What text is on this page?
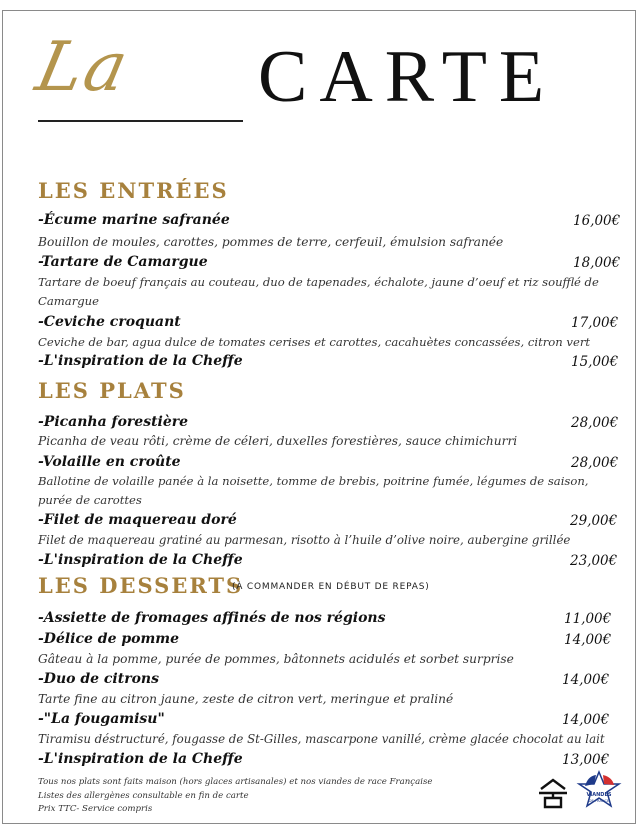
La CARTE
LES ENTRÉES
-Écume marine safranée	16,00€
Bouillon de moules, carottes, pommes de terre, cerfeuil, émulsion safranée
-Tartare de Camargue	18,00€
Tartare de boeuf français au couteau, duo de tapenades, échalote, jaune d’oeuf et riz soufflé de
Camargue
-Ceviche croquant	17,00€
Ceviche de bar, agua dulce de tomates cerises et carottes, cacahuètes concassées, citron vert
-L'inspiration de la Cheffe	15,00€
LES PLATS
-Picanha forestière	28,00€
Picanha de veau rôti, crème de céleri, duxelles forestières, sauce chimichurri
-Volaille en croûte	28,00€
Ballotine de volaille panée à la noisette, tomme de brebis, poitrine fumée, légumes de saison,
purée de carottes
-Filet de maquereau doré	29,00€
Filet de maquereau gratiné au parmesan, risotto à l’huile d’olive noire, aubergine grillée
-L'inspiration de la Cheffe	23,00€
LES DESSERTS
(À COMMANDER EN DÉBUT DE REPAS)
-Assiette de fromages affinés de nos régions	11,00€
-Délice de pomme	14,00€
Gâteau à la pomme, purée de pommes, bâtonnets acidulés et sorbet surprise
-Duo de citrons	14,00€
Tarte fine au citron jaune, zeste de citron vert, meringue et praliné
-"La fougamisu"	14,00€
Tiramisu déstructuré, fougasse de St-Gilles, mascarpone vanillé, crème glacée chocolat au lait
-L'inspiration de la Cheffe	13,00€
Tous nos plats sont faits maison (hors glaces artisanales) et nos viandes de race Française
Listes des allergènes consultable en fin de carte
Prix TTC- Service compris
VIANDES
DE FRANCE
